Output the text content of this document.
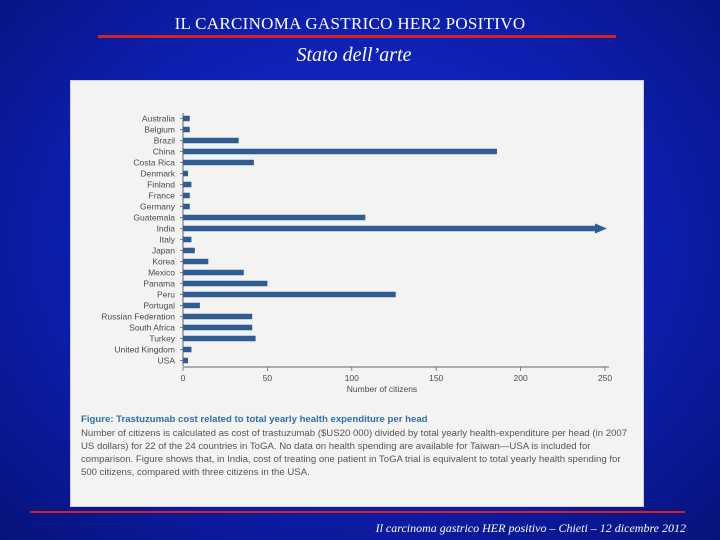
IL CARCINOMA GASTRICO HER2 POSITIVO
Stato dell’arte
Australia
Belgium
Brazil
China
Costa Rica
Denmark
Finland
France
Germany
Guatemala
India
Italy
Japan
Korea
Mexico
Panama
Peru
Portugal
Russian Federation
South Africa
Turkey
United Kingdom
USA
0	50	100	150	200	250
Number of citizens
Figure: Trastuzumab cost related to total yearly health expenditure per head
Number of citizens is calculated as cost of trastuzumab ($US20 000) divided by total yearly health-expenditure per head (in 2007 US dollars) for 22 of the 24 countries in ToGA. No data on health spending are available for Taiwan—USA is included for comparison. Figure shows that, in India, cost of treating one patient in ToGA trial is equivalent to total yearly health spending for 500 citizens, compared with three citizens in the USA.
Il carcinoma gastrico HER positivo – Chieti – 12 dicembre 2012
